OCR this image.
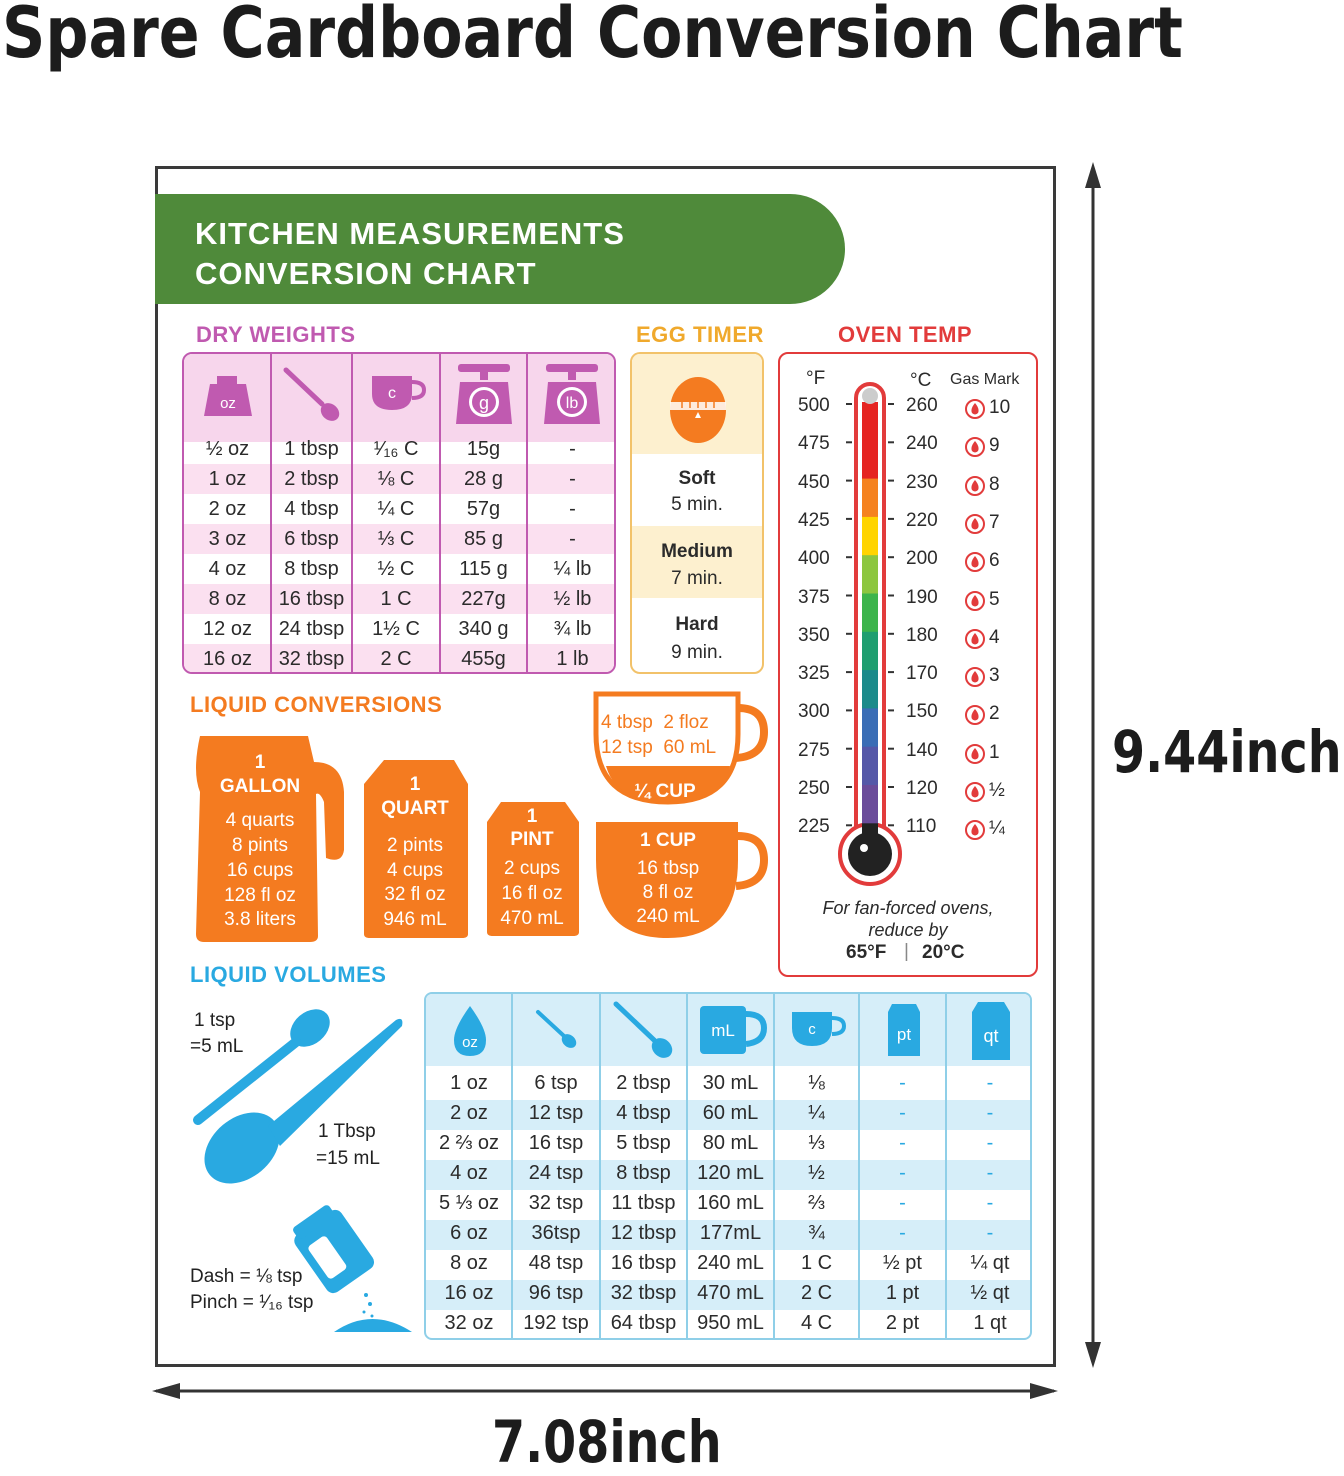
Spare Cardboard Conversion Chart
9.44inch
7.08inch
KITCHEN MEASUREMENTS
CONVERSION CHART
DRY WEIGHTS
oz
c	g	lb
½ oz	1 tbsp	¹⁄₁₆ C	15g	-
1 oz	2 tbsp	⅛ C	28 g	-
2 oz	4 tbsp	¼ C	57g	-
3 oz	6 tbsp	⅓ C	85 g	-
4 oz	8 tbsp	½ C	115 g	¼ lb
8 oz	16 tbsp	1 C	227g	½ lb
12 oz	24 tbsp	1½ C	340 g	¾ lb
16 oz	32 tbsp	2 C	455g	1 lb
EGG TIMER
Soft
5 min.
Medium
7 min.
Hard
9 min.
OVEN TEMP
°F	°C Gas Mark
500	260	10
475	240	9
450	230	8
425	220	7
400	200	6
375	190	5
350	180	4
325	170	3
300	150	2
275	140	1
250	120	½
225	110	¼
For fan-forced ovens,
reduce by
65°F | 20°C
LIQUID CONVERSIONS
1
GALLON
4 quarts
8 pints
16 cups
128 fl oz
3.8 liters
1
QUART
2 pints
4 cups
32 fl oz
946 mL
1
PINT
2 cups
16 fl oz
470 mL
4 tbsp  2 floz
12 tsp  60 mL
¼ CUP
1 CUP
16 tbsp
8 fl oz
240 mL
LIQUID VOLUMES
1 tsp
=5 mL
1 Tbsp
=15 mL
Dash = ⅛ tsp
Pinch = ¹⁄₁₆ tsp
oz
mL	c	pt	qt
1 oz	6 tsp	2 tbsp	30 mL	⅛	-	-
2 oz	12 tsp	4 tbsp	60 mL	¼	-	-
2 ⅔ oz	16 tsp	5 tbsp	80 mL	⅓	-	-
4 oz	24 tsp	8 tbsp	120 mL	½	-	-
5 ⅓ oz	32 tsp	11 tbsp	160 mL	⅔	-	-
6 oz	36tsp	12 tbsp	177mL	¾	-	-
8 oz	48 tsp	16 tbsp	240 mL	1 C	½ pt	¼ qt
16 oz	96 tsp	32 tbsp	470 mL	2 C	1 pt	½ qt
32 oz	192 tsp	64 tbsp	950 mL	4 C	2 pt	1 qt
